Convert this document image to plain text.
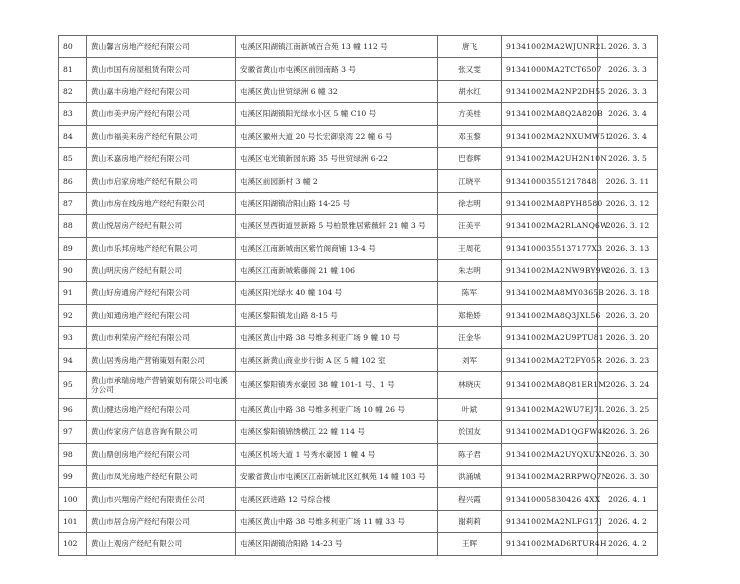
80	黄山馨言房地产经纪有限公司	屯溪区阳湖镇江南新城百合苑 13 幢 112 号	唐飞	91341002MA2WJUNR2L	2026. 3. 3
81	黄山市国有房屋租赁有限公司	安徽省黄山市屯溪区前园南路 3 号	张又雯	91341000MA2TCT6507	2026. 3. 3
82	黄山嘉丰房地产经纪有限公司	屯溪区黄山世贸绿洲 6 幢 32	胡水红	91341002MA2NP2DH55	2026. 3. 3
83	黄山市美尹房产经纪有限公司	屯溪区阳湖镇阳光绿水小区 5 幢 C10 号	方美桂	91341002MA8Q2A820B	2026. 3. 4
84	黄山市福美来房产经纪有限公司	屯溪区徽州大道 20 号长宏御泉湾 22 幢 6 号	邓玉黎	91341002MA2NXUMW51	2026. 3. 4
85	黄山禾嘉房地产经纪有限公司	屯溪区屯光镇新园东路 35 号世贸绿洲 6-22	巴春辉	91341002MA2UH2N10N	2026. 3. 5
86	黄山市启家房地产经纪有限公司	屯溪区前园新村 3 幢 2	江晓平	913410003551217848	2026. 3. 11
87	黄山市房在线房地产经纪有限公司	屯溪区阳湖镇洽阳山路 14-25 号	徐志明	91341002MA8PYH8580	2026. 3. 12
88	黄山悦居房产经纪有限公司	屯溪区昱西街道昱新路 5 号柏景雅居紫薇轩 21 幢 3 号	汪美平	91341002MA2RLANQ6W	2026. 3. 12
89	黄山市乐邦房地产经纪有限公司	屯溪区江南新城南区紫竹阁商铺 13-4 号	王周花	91341000355137177X3	2026. 3. 13
90	黄山明庆房产经纪有限公司	屯溪区江南新城紫藤阁 21 幢 106	朱志明	91341002MA2NW9BY9W	2026. 3. 13
91	黄山好房通房产经纪有限公司	屯溪区阳光绿水 40 幢 104 号	陈军	91341002MA8MY0365B	2026. 3. 18
92	黄山知通房地产经纪有限公司	屯溪区黎阳镇龙山路 8-15 号	郑艳娇	91341002MA8Q3JXL56	2026. 3. 20
93	黄山市利荣房产经纪有限公司	屯溪区黄山中路 38 号维多利亚广场 9 幢 10 号	汪金华	91341002MA2U9PTU81	2026. 3. 20
94	黄山居秀房地产营销策划有限公司	屯溪区新黄山商业步行街 A 区 5 幢 102 室	刘军	91341002MA2T2FY05R	2026. 3. 23
95	黄山市承瑞房地产营销策划有限公司屯溪分公司	屯溪区黎阳镇秀水豪园 38 幢 101-1 号、1 号	林晓庆	91341002MA8Q81ER1M	2026. 3. 24
96	黄山健达房地产经纪有限公司	屯溪区黄山中路 38 号维多利亚广场 10 幢 26 号	叶斌	91341002MA2WU7EJ7L	2026. 3. 25
97	黄山传家房产信息咨询有限公司	屯溪区黎阳镇锦绣横江 22 幢 114 号	於国友	91341002MAD1QGFW4K	2026. 3. 26
98	黄山鼎创房地产经纪有限公司	屯溪区机场大道 1 号秀水豪园 1 幢 4 号	陈子君	91341002MA2UYQXUXN	2026. 3. 30
99	黄山市凤光房地产经纪有限公司	安徽省黄山市屯溪区江南新城北区红枫苑 14 幢 103 号	洪涌城	91341002MA2RRPWQ7N	2026. 3. 30
100	黄山市兴翔房产经纪有限责任公司	屯溪区跃进路 12 号综合楼	程兴霞	913410005830426 4XX	2026. 4. 1
101	黄山市居合房产经纪有限公司	屯溪区黄山中路 38 号维多利亚广场 11 幢 33 号	谢莉莉	91341002MA2NLFG17J	2026. 4. 2
102	黄山上观房产经纪有限公司	屯溪区阳湖镇洽阳路 14-23 号	王晖	91341002MAD6RTUR4H	2026. 4. 2
